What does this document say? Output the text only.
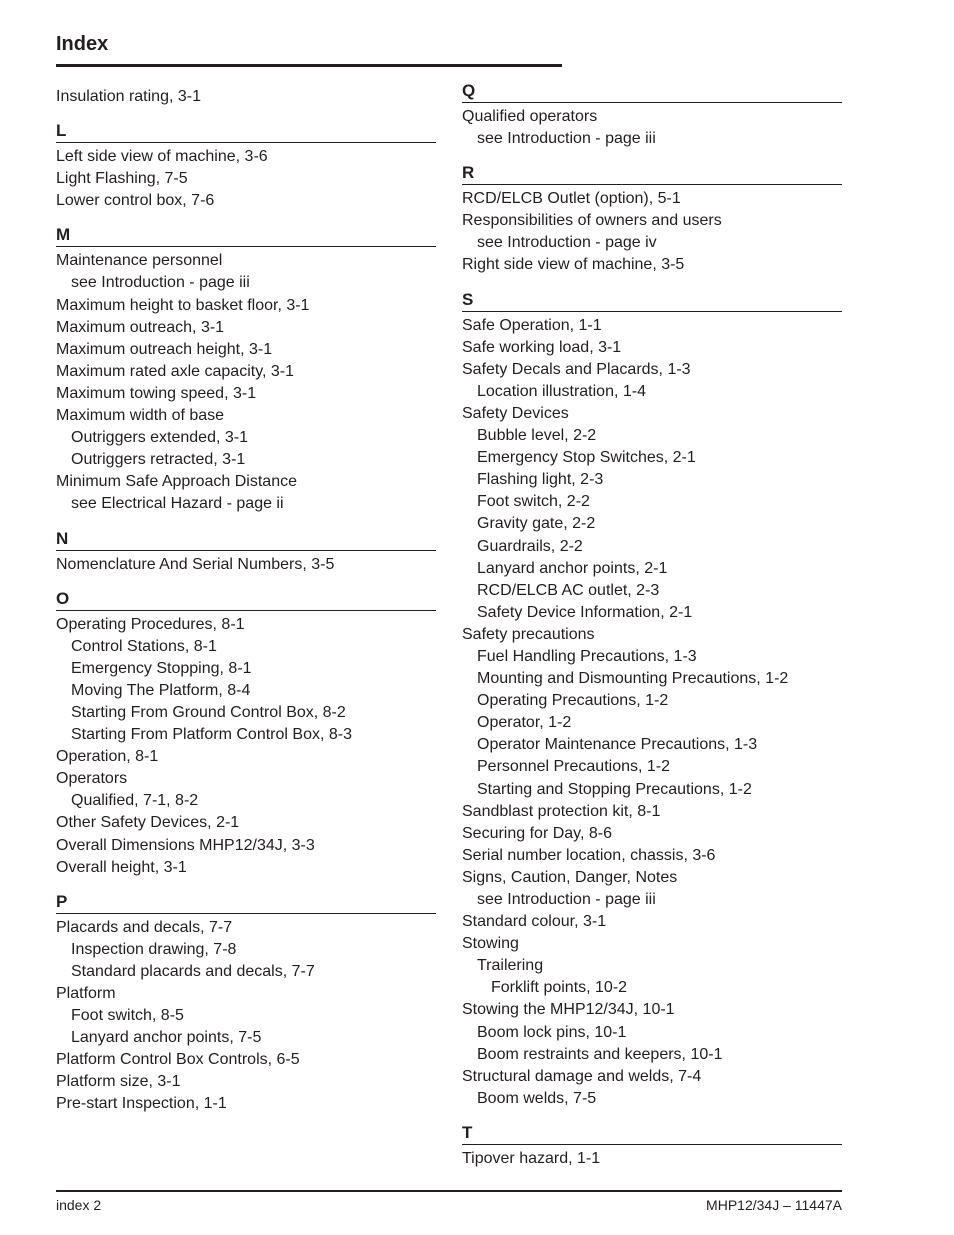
Index
Insulation rating, 3-1
L
Left side view of machine, 3-6
Light Flashing, 7-5
Lower control box, 7-6
M
Maintenance personnel
see Introduction - page iii
Maximum height to basket floor, 3-1
Maximum outreach, 3-1
Maximum outreach height, 3-1
Maximum rated axle capacity, 3-1
Maximum towing speed, 3-1
Maximum width of base
Outriggers extended, 3-1
Outriggers retracted, 3-1
Minimum Safe Approach Distance
see Electrical Hazard - page ii
N
Nomenclature And Serial Numbers, 3-5
O
Operating Procedures, 8-1
Control Stations, 8-1
Emergency Stopping, 8-1
Moving The Platform, 8-4
Starting From Ground Control Box, 8-2
Starting From Platform Control Box, 8-3
Operation, 8-1
Operators
Qualified, 7-1, 8-2
Other Safety Devices, 2-1
Overall Dimensions MHP12/34J, 3-3
Overall height, 3-1
P
Placards and decals, 7-7
Inspection drawing, 7-8
Standard placards and decals, 7-7
Platform
Foot switch, 8-5
Lanyard anchor points, 7-5
Platform Control Box Controls, 6-5
Platform size, 3-1
Pre-start Inspection, 1-1
Q
Qualified operators
see Introduction - page iii
R
RCD/ELCB Outlet (option), 5-1
Responsibilities of owners and users
see Introduction - page iv
Right side view of machine, 3-5
S
Safe Operation, 1-1
Safe working load, 3-1
Safety Decals and Placards, 1-3
Location illustration, 1-4
Safety Devices
Bubble level, 2-2
Emergency Stop Switches, 2-1
Flashing light, 2-3
Foot switch, 2-2
Gravity gate, 2-2
Guardrails, 2-2
Lanyard anchor points, 2-1
RCD/ELCB AC outlet, 2-3
Safety Device Information, 2-1
Safety precautions
Fuel Handling Precautions, 1-3
Mounting and Dismounting Precautions, 1-2
Operating Precautions, 1-2
Operator, 1-2
Operator Maintenance Precautions, 1-3
Personnel Precautions, 1-2
Starting and Stopping Precautions, 1-2
Sandblast protection kit, 8-1
Securing for Day, 8-6
Serial number location, chassis, 3-6
Signs, Caution, Danger, Notes
see Introduction - page iii
Standard colour, 3-1
Stowing
Trailering
Forklift points, 10-2
Stowing the MHP12/34J, 10-1
Boom lock pins, 10-1
Boom restraints and keepers, 10-1
Structural damage and welds, 7-4
Boom welds, 7-5
T
Tipover hazard, 1-1
index 2	MHP12/34J – 11447A
